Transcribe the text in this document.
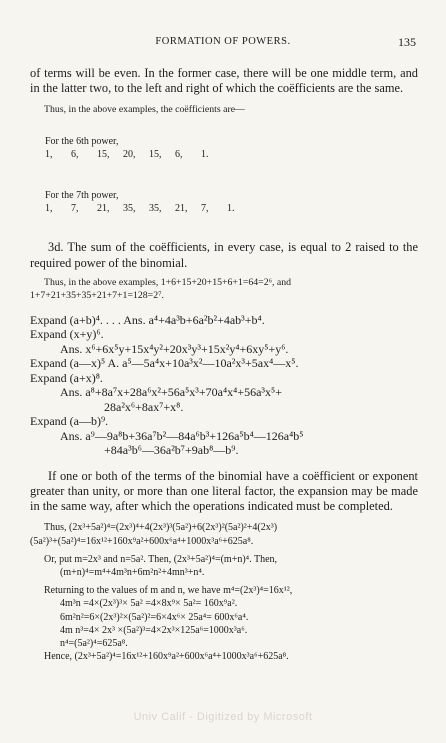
FORMATION OF POWERS.	135

of terms will be even. In the former case, there will be one middle term, and in the latter two, to the left and right of which the coëfficients are the same.

Thus, in the above examples, the coëfficients are—

For the 6th power,
1, 6, 15, 20, 15, 6, 1.

For the 7th power,
1, 7, 21, 35, 35, 21, 7, 1.

3d. The sum of the coëfficients, in every case, is equal to 2 raised to the required power of the binomial.

Thus, in the above examples, 1+6+15+20+15+6+1=64=2⁶, and 1+7+21+35+35+21+7+1=128=2⁷.

Expand (a+b)⁴. . . . Ans. a⁴+4a³b+6a²b²+4ab³+b⁴.
Expand (x+y)⁶.
Ans. x⁶+6x⁵y+15x⁴y²+20x³y³+15x²y⁴+6xy⁵+y⁶.
Expand (a—x)⁵ A. a⁵—5a⁴x+10a³x²—10a²x³+5ax⁴—x⁵.
Expand (a+x)⁸.
Ans. a⁸+8a⁷x+28a⁶x²+56a⁵x³+70a⁴x⁴+56a³x⁵+
28a²x⁶+8ax⁷+x⁸.
Expand (a—b)⁹.
Ans. a⁹—9a⁸b+36a⁷b²—84a⁶b³+126a⁵b⁴—126a⁴b⁵
+84a³b⁶—36a²b⁷+9ab⁸—b⁹.

If one or both of the terms of the binomial have a coëfficient or exponent greater than unity, or more than one literal factor, the expansion may be made in the same way, after which the operations indicated must be completed.

Thus, (2x³+5a²)⁴=(2x³)⁴+4(2x³)³(5a²)+6(2x³)²(5a²)²+4(2x³)
(5a²)³+(5a²)⁴=16x¹²+160x⁹a²+600x⁶a⁴+1000x³a⁶+625a⁸.
Or, put m=2x³ and n=5a². Then, (2x³+5a²)⁴=(m+n)⁴. Then,
(m+n)⁴=m⁴+4m³n+6m²n²+4mn³+n⁴.
Returning to the values of m and n, we have m⁴=(2x³)⁴=16x¹²,
4m³n =4×(2x³)³× 5a² =4×8x⁹× 5a²= 160x⁹a².
6m²n²=6×(2x³)²×(5a²)²=6×4x⁶× 25a⁴= 600x⁶a⁴.
4m n³=4× 2x³ ×(5a²)³=4×2x³×125a⁶=1000x³a⁶.
n⁴=(5a²)⁴=625a⁸.
Hence, (2x³+5a²)⁴=16x¹²+160x⁹a²+600x⁶a⁴+1000x³a⁶+625a⁸.
Univ Calif - Digitized by Microsoft
